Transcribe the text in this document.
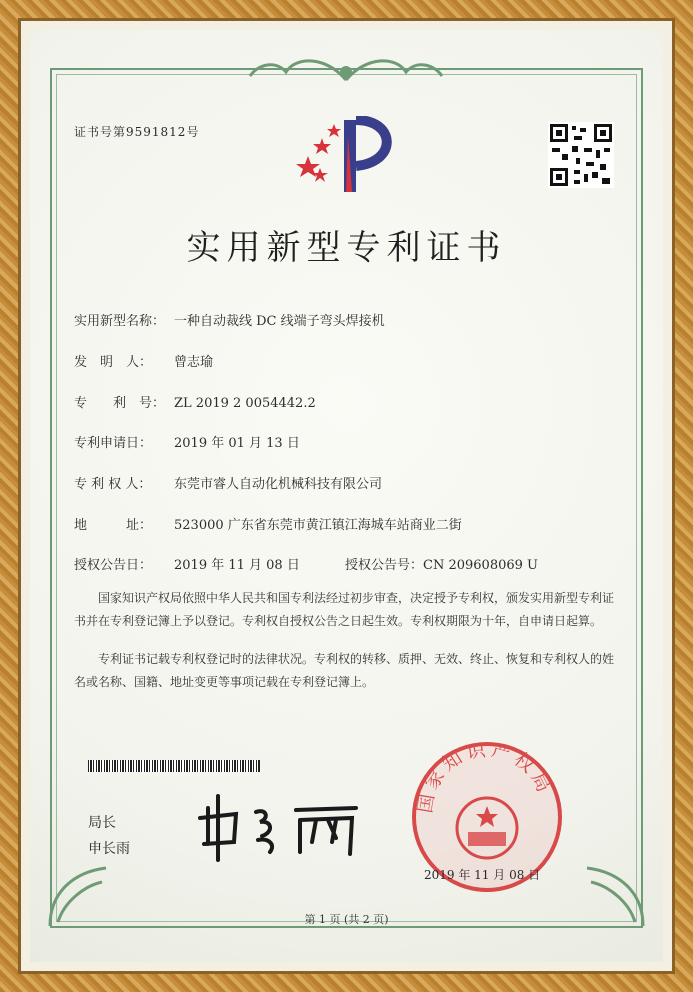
证书号第9591812号
实用新型专利证书
实用新型名称： 一种自动裁线 DC 线端子弯头焊接机
发　明　人： 曾志瑜
专　　利　号： ZL 2019 2 0054442.2
专利申请日： 2019 年 01 月 13 日
专 利 权 人： 东莞市睿人自动化机械科技有限公司
地　　　址： 523000 广东省东莞市黄江镇江海城车站商业二街
授权公告日： 2019 年 11 月 08 日	授权公告号：CN 209608069 U
国家知识产权局依照中华人民共和国专利法经过初步审查，决定授予专利权，颁发实用新型专利证书并在专利登记簿上予以登记。专利权自授权公告之日起生效。专利权期限为十年，自申请日起算。
专利证书记载专利权登记时的法律状况。专利权的转移、质押、无效、终止、恢复和专利权人的姓名或名称、国籍、地址变更等事项记载在专利登记簿上。
局长
申长雨
国家知识产权局
2019 年 11 月 08 日
第 1 页 (共 2 页)
